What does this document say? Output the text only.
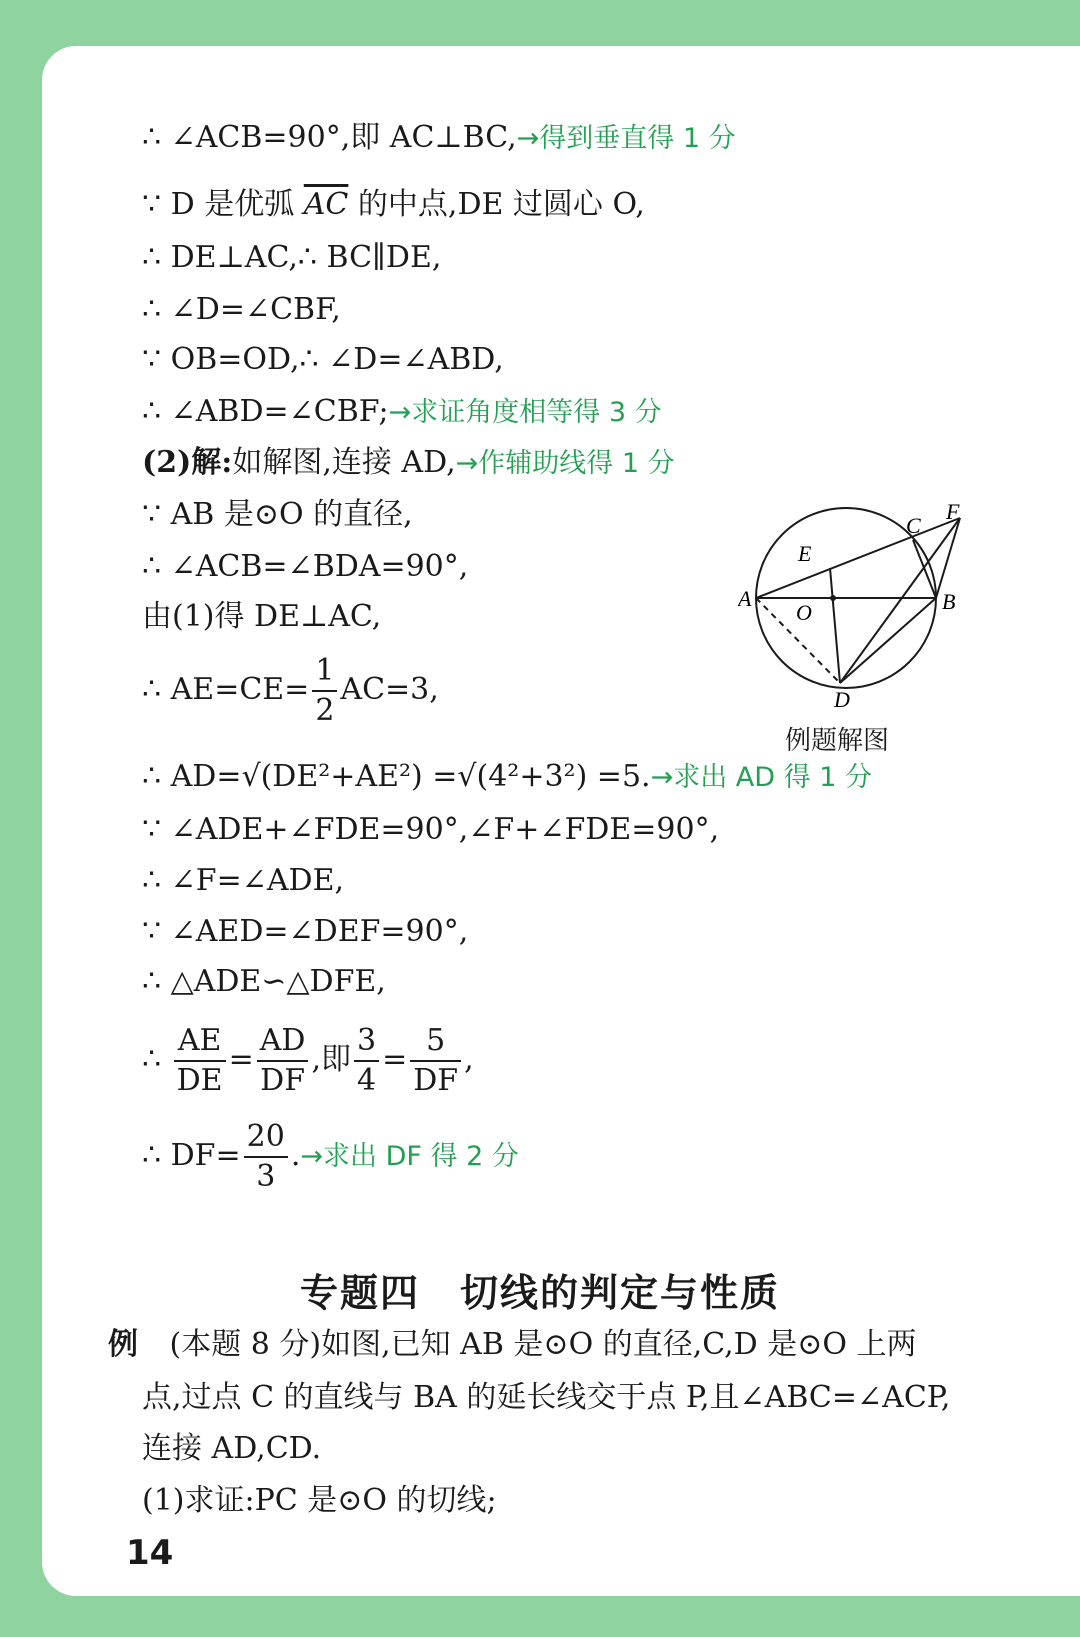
∴ ∠ACB=90°,即 AC⊥BC,→得到垂直得 1 分
∵ D 是优弧 $\overline{AC}$ 的中点,DE 过圆心 O,
∴ DE⊥AC,∴ BC∥DE,
∴ ∠D=∠CBF,
∵ OB=OD,∴ ∠D=∠ABD,
∴ ∠ABD=∠CBF;→求证角度相等得 3 分
(2)解:如解图,连接 AD,→作辅助线得 1 分
∵ AB 是⊙O 的直径,
∴ ∠ACB=∠BDA=90°,
由(1)得 DE⊥AC,
∴ $AE=CE= \frac{1}{2} AC=3$,
∴ AD=√(DE²+AE²) =√(4²+3²) =5.→求出 AD 得 1 分
∵ ∠ADE+∠FDE=90°,∠F+∠FDE=90°,
∴ ∠F=∠ADE,
∵ ∠AED=∠DEF=90°,
∴ △ADE∽△DFE,
∴ $\frac{AE}{DE} = \frac{AD}{DF}$ ,即 $\frac{3}{4} = \frac{5}{DF}$ ,
∴ $DF= \frac{20}{3}$ .→求出 DF 得 2 分
A	B
C
D
E
F
O
例题解图
专题四　切线的判定与性质
例 (本题 8 分)如图,已知 AB 是⊙O 的直径,C,D 是⊙O 上两
点,过点 C 的直线与 BA 的延长线交于点 P,且∠ABC=∠ACP,
连接 AD,CD.
(1)求证:PC 是⊙O 的切线;
14
